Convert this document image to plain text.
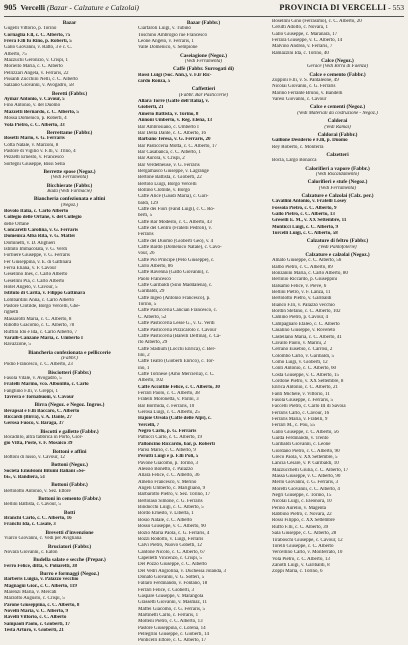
905 Vercelli (Bazar - Calzature e Calzolai)	PROVINCIA DI VERCELLI - 553
Bazar
Gugelli Vittorio, p. Torino
Cornaglia F.ll, c. C. Alberto, 75
Frera F.lli fu Rino, p. Roberti, 5
Gallo Giovanni, v. Ratto, 3 e c. C.
Alberto, 75
Mazzuchi Geronzio, v. Crispi, 1
Moriello Maria, c. C. Alberto
Pellizzari Angela, v. Ferraris, 22
Pissanti Zucchini Nelli, c. C. Alberto
Salzano Giovanni, v. Avogadro, 58
Beretti (Fabbr.)
Aymar Antonio, v. Cavour, 5
Fino Antonio, v. del Duomo
Mazzetti Bernardo, c. C. Alberto, 5
Mossa Domenico, p. Roberti, 4
Vola Pietro, c. C. Alberto, 33
Berrettame (Fabbr.)
Bosetti Mario, v. G. Ferraris
Cotta Natale, v. Marzoni, 8
Pastore di Vigilio v. F.lli, v. Trino, 4
Pezzetti Ernesto, v. Francesco
Sortegni Giuseppe, Bissi Sella
Berrette spose (Negoz.)
(Vedi Ferramenta)
Bicchierate (Fabbr.)
Bada (Vedi Farmacie)
Biancheria confezionata e altini
(Negoz.)
Bovolo Italia, c. Carlo Alberto
Collegio delle Orfane, v. del Collegio
delle Orfane
Concaretti Carolina, v. G. Ferraris
Domenica Alba Rita, v. G. Mattei
Dominetti, v. D. Alighieri
Istituto Immacolata, v. G. Verdi
Forbiere Giuseppe, v. G. Ferraris
Fer Giuseppina, v. E. di Gattinara
Ferva Eliana, v. F. Cavour
Gesellino Ines, c. Carlo Alberto
Gesellini Pia, c. Carlo Alberto
Hotel Angelo, v. Cavour, 5
Istituto di Carità, v. Filippo Gattinara
Lombardini Anna, c. Carlo Alberto
Pastore Clotilde, Borgo Vercelli, Ghe-
righetti
Massarotti Maria, c. C. Alberto, 8
Ribotto Giacomo, c. C. Alberto, 78
Ruffini Ido e Ida, c. Carlo Alberto, 7
Varalli-Canzane Maria, c. Umberto I
Ravazzone, 5
Biancheria confezionata e pelliccerie
(Fabbr.)
Podio Francesco, c. C. Alberto, 23
Bisciotteri (Fabbr.)
Fasola Vitale, v. Avogadro, 5
Fratelli Marino, vco. Albonlito, c. Carlo
Fanghino F.lli, v. Greppi, 1
Tavrera e Tornabuoni, v. Cavour
Birra (Negoz. e Negoz. Ingros.)
Bevapsal e F.lli Baccaro, C. Alberto
Riccardi (Birra), v. A. Dante, 27
Gerosa Fuoco, v. Baraga, 37
Biscotti e gallette (Fabbr.)
Bocadillo, altra fabbrica in Porto, Gior-
gio Vitta, Poste, v. F. Mosaico 39
Bottoni e affini
Bottoni di lusso, v. Cavour, 12
Bottoni (Negoz.)
Società Emulsioni Bitumi Italiani «Se-
bi», v. Bandiera, 51
Bottoni (Fabbr.)
Bertolotto Antonio, v. Sez. Ettore
Bottoni in cemento (Fabbr.)
Bellini Battista, c. Cavour, 5
Botti
Branchi Carlo, c. C. Alberto, 16
Franchi Ida, c. Casale, 3
Brevetti d'invenzione
Viarco Giovanni, c. Vedi per Avigliana
Bruciatori (Fabbr.)
Novara Giovanni, c. Eaton
Budella salate e secche (Prepar.)
Ferro Felice, ditta, v. Poliaretti, 38
Burro e formaggi (Negoz.)
Barberis Luigia, v. Palazzo vecchio
Magnagni Gior., c. C. Alberto, 119
Marenzi Maria, v. Mercati
Marzotto Augusto, c. Crispi, 5
Parone Giuseppina, c. C. Alberto, 8
Novelli Maria, v. C. Alberto, 9
Ravelli Vittorio, c. C. Alberto
Sampaoli Paolo, c. Gioberti, 17
Testa Arturo, v. Gioberti, 21
Bazar (Fabbr.)
Ciarfaroli Luigi, v. Tubino
Toschino Ambrogio rue Francesco
Leone Angelo, v. Ferraris, 1
Valle Domenico, v. Sempione
Caseiagione (Negoz.)
(Vedi Ferramenta)
Caffè (Fabbr. Surrogati di)
Rossi Luigi (Soc. Ann.), v. F.lr Ric-
cardo Ronza, 5
Caffettieri
(Fabbr. Bar Pasticcerie)
Allara Torre (Gaffe dell'Italia), v.
Gioberti, 21
Amerio Battista, v. Torino, 8
Annoni Umberto, v. Reg. Elena, 13
Bar Ambrosiano, c. Umberto I
Bar Della Dante, c. C. Alberto, 16
Barbano Teresa, v. G. Ferraris, 20
Bar Pasticceria Motta, c. C. Alberto, 17
Bar Casabanca, c. C. Alberto, 1
Bar Aurora, v. Crispi, 2
Bar Verdelheuse, v. G. Ferraris
Bergamasco Giuseppe, v. Lagrange
Bertone Battista, c. Gioberti, 22
Bertolo Luigi, Borgo Vercelli
Bollino Clotilde, v. Borgo
Caffè Alice (Gaudi Maria), c. Gari-
baldi, 129
Caffè dei Fiori (Fand Luigi), c. C. Ro-
berti, 5
Caffè Bar Modesto, c. C. Alberto, 43
Caffè del Centro (Fratelli Pedroli), v.
Ferraris
Caffè del Duomo (Gioberti Geo), v. 4
Caffè Bardo (Domenico Natale), c. Cavo-
vour, 26
Caffè Pio Principe (Pelo Giuseppe), c.
Carlo Alberto, 86
Caffè Ravenna (Gatto Giovanni), c.
Paolo Francesco
Caffè Garibaldi (Sino Maddalena), c.
Garibaldi, 29
Caffè Ingeo (Antonio Francesco), p.
Torino, 5
Caffè Pasticceria Cancian Francesco, c.
C. Alberto, 52
Caffè Pasticceria Lesse G., v. G. Verdi
Caffè Pasticceria Pizzicarolo c. Cavour
Caffè Pasticceria (Barelli Delfina), c. Ca-
rlo Alberto, 29
Caffè Stadium (Locchi Enrica), c. Ber-
lini, 2
Caffè Teatro (Gioberti Enrico), c. Tor-
ino, 1
Caffè Torinese (Amo Mercieria), c. C.
Alberto, 102
Caffè Accoltile Felice, c. C. Alberto, 30
Ferrari Paolo, c. C. Alberto, 38
Fratelli Moronetta, v. Parini, 3
Bar Bormida, c. Ferraris, 10
Gerosa Luigi, c. C. Alberto, 25
Hajoie Orsola (Caffè delle Alpi), c.
Vercelli, 7
Negro Carlo, p. G. Ferraris
Pattucci Carlo, c. C. Alberto, 19
Palloncino Riccardo, bar, p. Roberti
Parisi Mario, c. C. Alberto, 9
Perutti Luigi e p. F.lli Poli, 5
Pavone Giacomo, p. Torino, 3
Alessio Bonetto, c. Palazzo
Allara Felice, c. C. Alberto, 36
Amelio Francesco, v. Merino
Angeli Umberto, c. Marigliano, 9
Barbarotto Pietro, v. Sez. Torino, 17
Bertolaso Simone, c. G. Ferraris
Bindocchi Luigi, c. C. Alberto, 5
Bordo Ernesto, v. Liberta, 1
Bosio Natale, c. C. Alberto
Bosso Giuseppe, v. C. Alberto, 90
Bozio Maria Paola, c. G. Ferraris, 4
Bozzi Rodolfo, v. Luigi, Ferraris
Calvi Pietro, Nuovo Gobetti, 12
Cantone Nicolo, c. C. Alberto, 67
Capelletti Vincenzo, c. Crispi, 5
Del Pozzo Giuseppe, c. C. Alberto
Del Vedri Angiolina, v. Duchessa Jolanda, 3
Donato Giovanni, v. G. Sotteri, 5
Fallaro Ferdinando, v. Fontano, 18
Ferrari Felice, c. Gioberti, 3
Gaspare Giuseppe, v. Marangola
Grassetti Giovanni, v. Masmaz, 11
Maffei Giacomo, c. G. Ferraris, 5
Martinetti Carlo, c. Ferraris, 1
Molteni Pietro, c. C. Alberto, 13
Pastore Giuseppina, c. Lorena, 14
Pellegrini Giuseppe, c. Gioberti, 14
Ponticelli Ettore, c. C. Alberto, 17
Bosellini Gino (Ferrasimo), c. C. Alberto, 20
Cerutti Adolfo, c. Novara, 1
Gallo Giuseppe, c. Maranara, 17
Ferrara Giuseppe, v. C. Alberto, 14
Malvino Andrea, v. Ferraris, 7
Ramazzini Ida, c. Torino, 40
Calce (Negoz.)
Gerace (Vedi Birra di Faenza)
Calce e cemento (Fabbr.)
Zuppini F.lli, v. S. Pantaleone, 49
Nicolai Giovanni, c. G. Ferraris
Marino Ferrante Bruno, v. Bandelli
Varesi Giovanni, c. Cavour
Calce e cementi (Negoz.)
(Vedi Materiali da costruzione - Negoz.)
Calderai
(Vedi Ramai)
Caldorai (Fabbr.)
Gallione Desiderio e F.lli, p. Duomo
Rey Roberto, c. Monferra
Calzetteri
Bocla, Largo Bonacca
Calorifieri a vapore (Fabbr.)
(Vedi Riscaldamento)
Calorifieri e stufe (Negoz.)
(Vedi Ferramenta)
Calzature e Calzolai (Calz. per.)
Cavallini Antonio, v. Fratelli Losey
Fossola Pietro, c. C. Alberto, 9
Gallo Pietro, c. C. Alberto, 13
Greselli E. M., v. XX Settembre, 11
Monticci Luigi, c. C. Alberto, 9
Torcelli Luigi, c. C. Alberto, 58
Calzature di feltro (Fabbr.)
(Vedi Pantofolerie)
Calzature e calzolai (Negoz.)
Amato Giuseppe, c. C. Alberto, 56
Balbo Pietro, c. C. Alberto, 89
Bonzanini Maria, c. Carlo Alberto, 80
Berlinio Riccardo, p. Giuseppini
Balsamo Felice, v. Pieve, 6
Bellini Pietro, v. F. Lanza, 11
Bertolotto Pietro, v. Garibaldi
Bianco F.lli, v. Palazzo vecchio
Bordin Stefano, c. C. Alberto, 102
Camino Pietro, p. Cavour, 4
Campagnaro Etaleo, c. C. Alberto
Casalino Giuseppe, v. Rovereto
Castellano Maria, c. C. Alberto, 41
Cavallo Paolo, v. Marini, 2
Cerrano Eusebio, c. Carrosi, 2
Colombo Carlo, v. Garibaldi, 5
Como Luigi, v. Gioberti, 12
Conti Antonio, c. C. Alberto, 60
Costa Giuseppe, v. C. Alberto, 15
Cordone Pietro, v. XX Settembre, 8
Enrica Antonio, c. C. Alberto, 21
Fanti Michele, v. Vittorio, 11
Fasola Giuseppe, c. Ferraris, 5
Faccelli Pietro, c. Carlo III di Savoia
Ferraris Carlo, c. Cavour, 16
Ferraris Maria, v. Fratelli, 9
Ferrari M., c. Pou, 55
Gallo Giuseppe, c. C. Alberto, 56
Garda Ferdinando, v. Trento
Garibaldi Giovanni, c. Leone
Giordano Pietro, c. C. Alberto, 90
Greco Paola, v. XX Settembre, 5
Lancia Cesare, v. P. Garibaldi, 10
Mazzucchelli Giulia, c. C. Alberto, 17
Massa Giuseppe, v. C. Alberto, 90
Merlo Giovanni, c. G. Ferraris, 3
Moretti Giovanni, c. C. Alberto, 4
Negri Giuseppe, c. Torino, 15
Nicolai Luigi, c. Eleonora, 10
Perino Aurelio, v. Magenta
Rabbino Pietro, c. Novara, 22
Rossi Filippo, c. XX Settembre
Ruffo F.lli, c. C. Alberto, 39
Sala Giuseppe, c. C. Alberto, 28
Tiraboschi Giuseppe, c. Cavour, 12
Torelli Giuseppe, c. C. Alberto
Vercellino Carlo, v. Monferrato, 10
Vola Pietro, c. C. Alberto, 13
Zanotti Luigi, v. Garibaldi, 8
Zoppi Maria, c. Torino, 6
